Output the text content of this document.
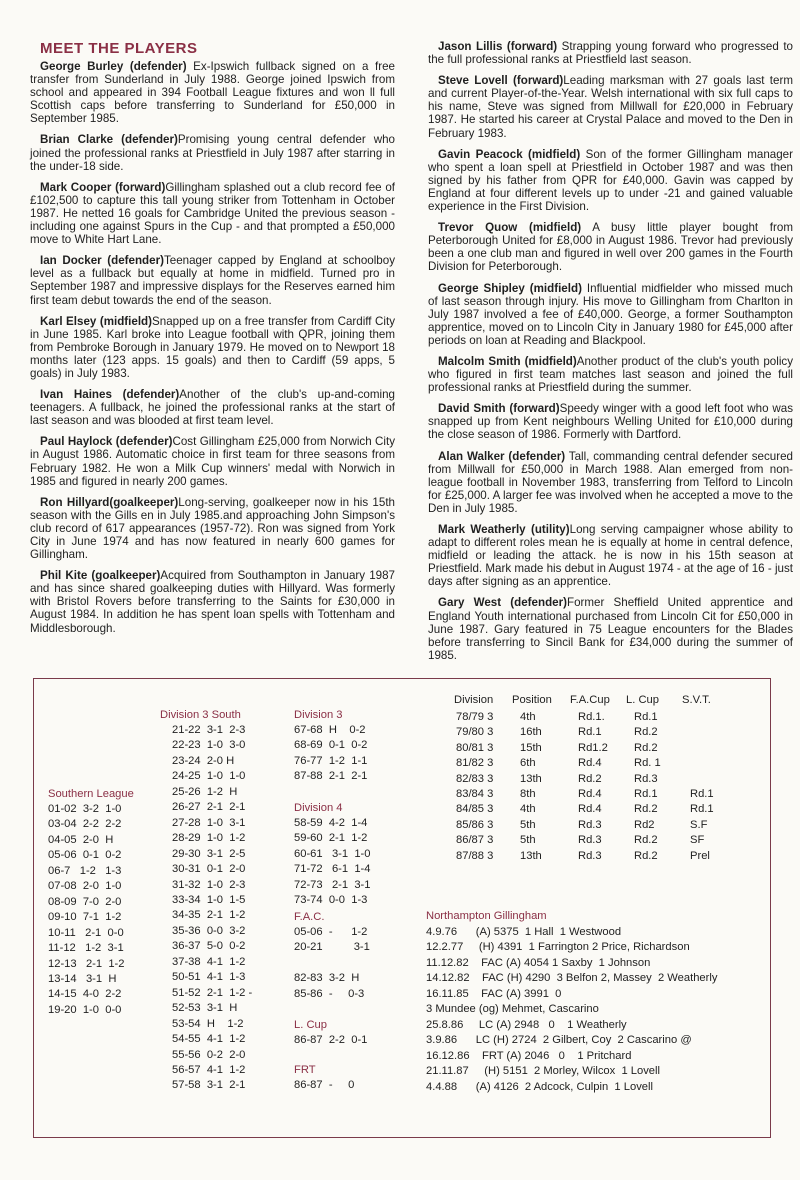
MEET THE PLAYERS

George Burley (defender) Ex-Ipswich fullback signed on a free transfer from Sunderland in July 1988. George joined Ipswich from school and appeared in 394 Football League fixtures and won ll full Scottish caps before transferring to Sunderland for £50,000 in September 1985.

Brian Clarke (defender)Promising young central defender who joined the professional ranks at Priestfield in July 1987 after starring in the under-18 side.

Mark Cooper (forward)Gillingham splashed out a club record fee of £102,500 to capture this tall young striker from Tottenham in October 1987. He netted 16 goals for Cambridge United the previous season - including one against Spurs in the Cup - and that prompted a £50,000 move to White Hart Lane.

Ian Docker (defender)Teenager capped by England at schoolboy level as a fullback but equally at home in midfield. Turned pro in September 1987 and impressive displays for the Reserves earned him first team debut towards the end of the season.

Karl Elsey (midfield)Snapped up on a free transfer from Cardiff City in June 1985. Karl broke into League football with QPR, joining them from Pembroke Borough in January 1979. He moved on to Newport 18 months later (123 apps. 15 goals) and then to Cardiff (59 apps, 5 goals) in July 1983.

Ivan Haines (defender)Another of the club's up-and-coming teenagers. A fullback, he joined the professional ranks at the start of last season and was blooded at first team level.

Paul Haylock (defender)Cost Gillingham £25,000 from Norwich City in August 1986. Automatic choice in first team for three seasons from February 1982. He won a Milk Cup winners' medal with Norwich in 1985 and figured in nearly 200 games.

Ron Hillyard(goalkeeper)Long-serving, goalkeeper now in his 15th season with the Gills en in July 1985.and approaching John Simpson's club record of 617 appearances (1957-72). Ron was signed from York City in June 1974 and has now featured in nearly 600 games for Gillingham.

Phil Kite (goalkeeper)Acquired from Southampton in January 1987 and has since shared goalkeeping duties with Hillyard. Was formerly with Bristol Rovers before transferring to the Saints for £30,000 in August 1984. In addition he has spent loan spells with Tottenham and Middlesborough.

Jason Lillis (forward) Strapping young forward who progressed to the full professional ranks at Priestfield last season.

Steve Lovell (forward)Leading marksman with 27 goals last term and current Player-of-the-Year. Welsh international with six full caps to his name, Steve was signed from Millwall for £20,000 in February 1987. He started his career at Crystal Palace and moved to the Den in February 1983.

Gavin Peacock (midfield) Son of the former Gillingham manager who spent a loan spell at Priestfield in October 1987 and was then signed by his father from QPR for £40,000. Gavin was capped by England at four different levels up to under -21 and gained valuable experience in the First Division.

Trevor Quow (midfield) A busy little player bought from Peterborough United for £8,000 in August 1986. Trevor had previously been a one club man and figured in well over 200 games in the Fourth Division for Peterborough.

George Shipley (midfield) Influential midfielder who missed much of last season through injury. His move to Gillingham from Charlton in July 1987 involved a fee of £40,000. George, a former Southampton apprentice, moved on to Lincoln City in January 1980 for £45,000 after periods on loan at Reading and Blackpool.

Malcolm Smith (midfield)Another product of the club's youth policy who figured in first team matches last season and joined the full professional ranks at Priestfield during the summer.

David Smith (forward)Speedy winger with a good left foot who was snapped up from Kent neighbours Welling United for £10,000 during the close season of 1986. Formerly with Dartford.

Alan Walker (defender) Tall, commanding central defender secured from Millwall for £50,000 in March 1988. Alan emerged from non-league football in November 1983, transferring from Telford to Lincoln for £25,000. A larger fee was involved when he accepted a move to the Den in July 1985.

Mark Weatherly (utility)Long serving campaigner whose ability to adapt to different roles mean he is equally at home in central defence, midfield or leading the attack. he is now in his 15th season at Priestfield. Mark made his debut in August 1974 - at the age of 16 - just days after signing as an apprentice.

Gary West (defender)Former Sheffield United apprentice and England Youth international purchased from Lincoln Cit for £50,000 in June 1987. Gary featured in 75 League encounters for the Blades before transferring to Sincil Bank for £34,000 during the summer of 1985.

Southern League
01-02  3-2  1-0
03-04  2-2  2-2
04-05  2-0  H
05-06  0-1  0-2
06-7   1-2   1-3
07-08  2-0  1-0
08-09  7-0  2-0
09-10  7-1  1-2
10-11   2-1  0-0
11-12   1-2  3-1
12-13   2-1  1-2
13-14   3-1  H
14-15  4-0  2-2
19-20  1-0  0-0
Division 3 South
21-22  3-1  2-3
22-23  1-0  3-0
23-24  2-0 H
24-25  1-0  1-0
25-26  1-2  H
26-27  2-1  2-1
27-28  1-0  3-1
28-29  1-0  1-2
29-30  3-1  2-5
30-31  0-1  2-0
31-32  1-0  2-3
33-34  1-0  1-5
34-35  2-1  1-2
35-36  0-0  3-2
36-37  5-0  0-2
37-38  4-1  1-2
50-51  4-1  1-3
51-52  2-1  1-2 -
52-53  3-1  H
53-54  H    1-2
54-55  4-1  1-2
55-56  0-2  2-0
56-57  4-1  1-2
57-58  3-1  2-1
Division 3
67-68  H    0-2
68-69  0-1  0-2
76-77  1-2  1-1
87-88  2-1  2-1
Division 4
58-59  4-2  1-4
59-60  2-1  1-2
60-61   3-1  1-0
71-72   6-1  1-4
72-73   2-1  3-1
73-74  0-0  1-3
F.A.C.
05-06  -      1-2
20-21          3-1

82-83  3-2  H
85-86  -     0-3
L. Cup
86-87  2-2  0-1
FRT
86-87  -     0
Division Position F.A.Cup L. Cup S.V.T.
78/79 3 4th	Rd.1.	Rd.1
79/80 3 16th	Rd.1	Rd.2
80/81 3 15th	Rd1.2 Rd.2
81/82 3 6th	Rd.4	Rd. 1
82/83 3 13th	Rd.2	Rd.3
83/84 3 8th	Rd.4	Rd.1	Rd.1
84/85 3 4th	Rd.4	Rd.2	Rd.1
85/86 3 5th	Rd.3	Rd2	S.F
86/87 3 5th	Rd.3	Rd.2	SF
87/88 3 13th	Rd.3	Rd.2	Prel
Northampton Gillingham
4.9.76      (A) 5375  1 Hall  1 Westwood
12.2.77     (H) 4391  1 Farrington 2 Price, Richardson
11.12.82    FAC (A) 4054 1 Saxby  1 Johnson
14.12.82    FAC (H) 4290  3 Belfon 2, Massey  2 Weatherly
16.11.85    FAC (A) 3991  0
3 Mundee (og) Mehmet, Cascarino
25.8.86     LC (A) 2948   0    1 Weatherly
3.9.86      LC (H) 2724  2 Gilbert, Coy  2 Cascarino @
16.12.86    FRT (A) 2046   0    1 Pritchard
21.11.87     (H) 5151  2 Morley, Wilcox  1 Lovell
4.4.88      (A) 4126  2 Adcock, Culpin  1 Lovell
